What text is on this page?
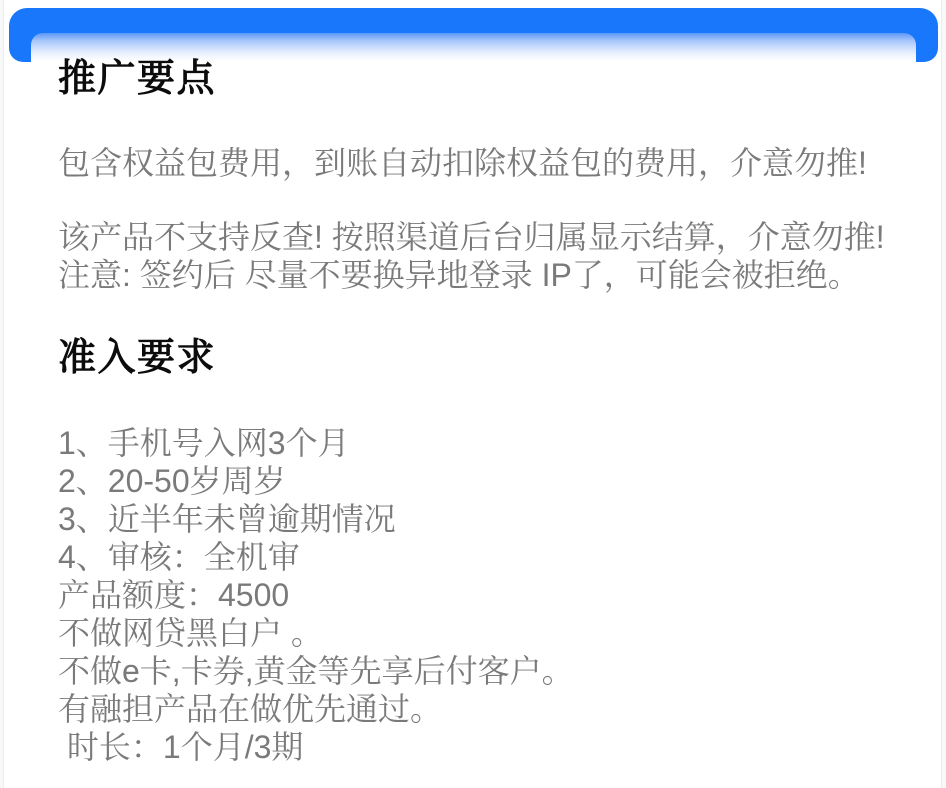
推广要点
包含权益包费用，到账自动扣除权益包的费用，介意勿推!
该产品不支持反查! 按照渠道后台归属显示结算，介意勿推!
注意: 签约后 尽量不要换异地登录 IP了，可能会被拒绝。
准入要求
1、手机号入网3个月
2、20-50岁周岁
3、近半年未曾逾期情况
4、审核：全机审
产品额度：4500
不做网贷黑白户 。
不做e卡,卡券,黄金等先享后付客户。
有融担产品在做优先通过。
时长：1个月/3期
